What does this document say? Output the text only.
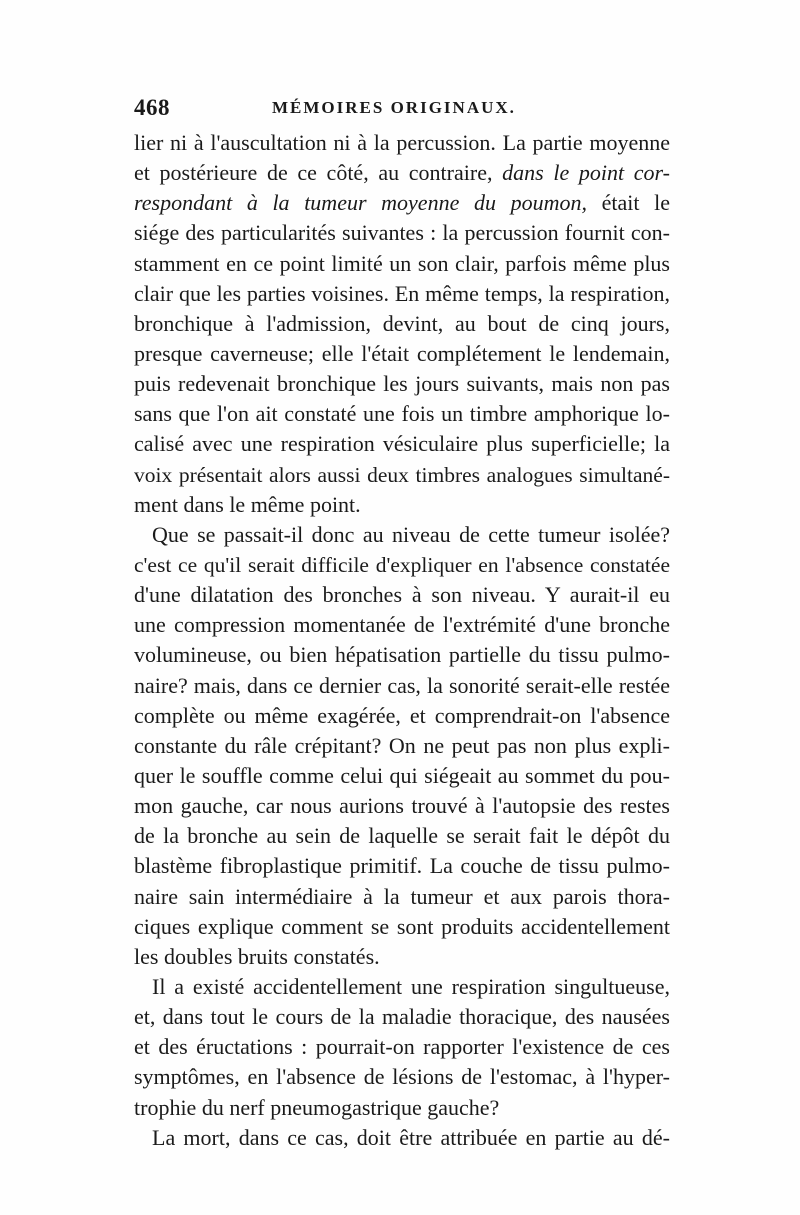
468	MÉMOIRES ORIGINAUX.
lier ni à l'auscultation ni à la percussion. La partie moyenne
et postérieure de ce côté, au contraire, dans le point cor-
respondant à la tumeur moyenne du poumon, était le
siége des particularités suivantes : la percussion fournit con-
stamment en ce point limité un son clair, parfois même plus
clair que les parties voisines. En même temps, la respiration,
bronchique à l'admission, devint, au bout de cinq jours,
presque caverneuse; elle l'était complétement le lendemain,
puis redevenait bronchique les jours suivants, mais non pas
sans que l'on ait constaté une fois un timbre amphorique lo-
calisé avec une respiration vésiculaire plus superficielle; la
voix présentait alors aussi deux timbres analogues simultané-
ment dans le même point.
Que se passait-il donc au niveau de cette tumeur isolée?
c'est ce qu'il serait difficile d'expliquer en l'absence constatée
d'une dilatation des bronches à son niveau. Y aurait-il eu
une compression momentanée de l'extrémité d'une bronche
volumineuse, ou bien hépatisation partielle du tissu pulmo-
naire? mais, dans ce dernier cas, la sonorité serait-elle restée
complète ou même exagérée, et comprendrait-on l'absence
constante du râle crépitant? On ne peut pas non plus expli-
quer le souffle comme celui qui siégeait au sommet du pou-
mon gauche, car nous aurions trouvé à l'autopsie des restes
de la bronche au sein de laquelle se serait fait le dépôt du
blastème fibroplastique primitif. La couche de tissu pulmo-
naire sain intermédiaire à la tumeur et aux parois thora-
ciques explique comment se sont produits accidentellement
les doubles bruits constatés.
Il a existé accidentellement une respiration singultueuse,
et, dans tout le cours de la maladie thoracique, des nausées
et des éructations : pourrait-on rapporter l'existence de ces
symptômes, en l'absence de lésions de l'estomac, à l'hyper-
trophie du nerf pneumogastrique gauche?
La mort, dans ce cas, doit être attribuée en partie au dé-
